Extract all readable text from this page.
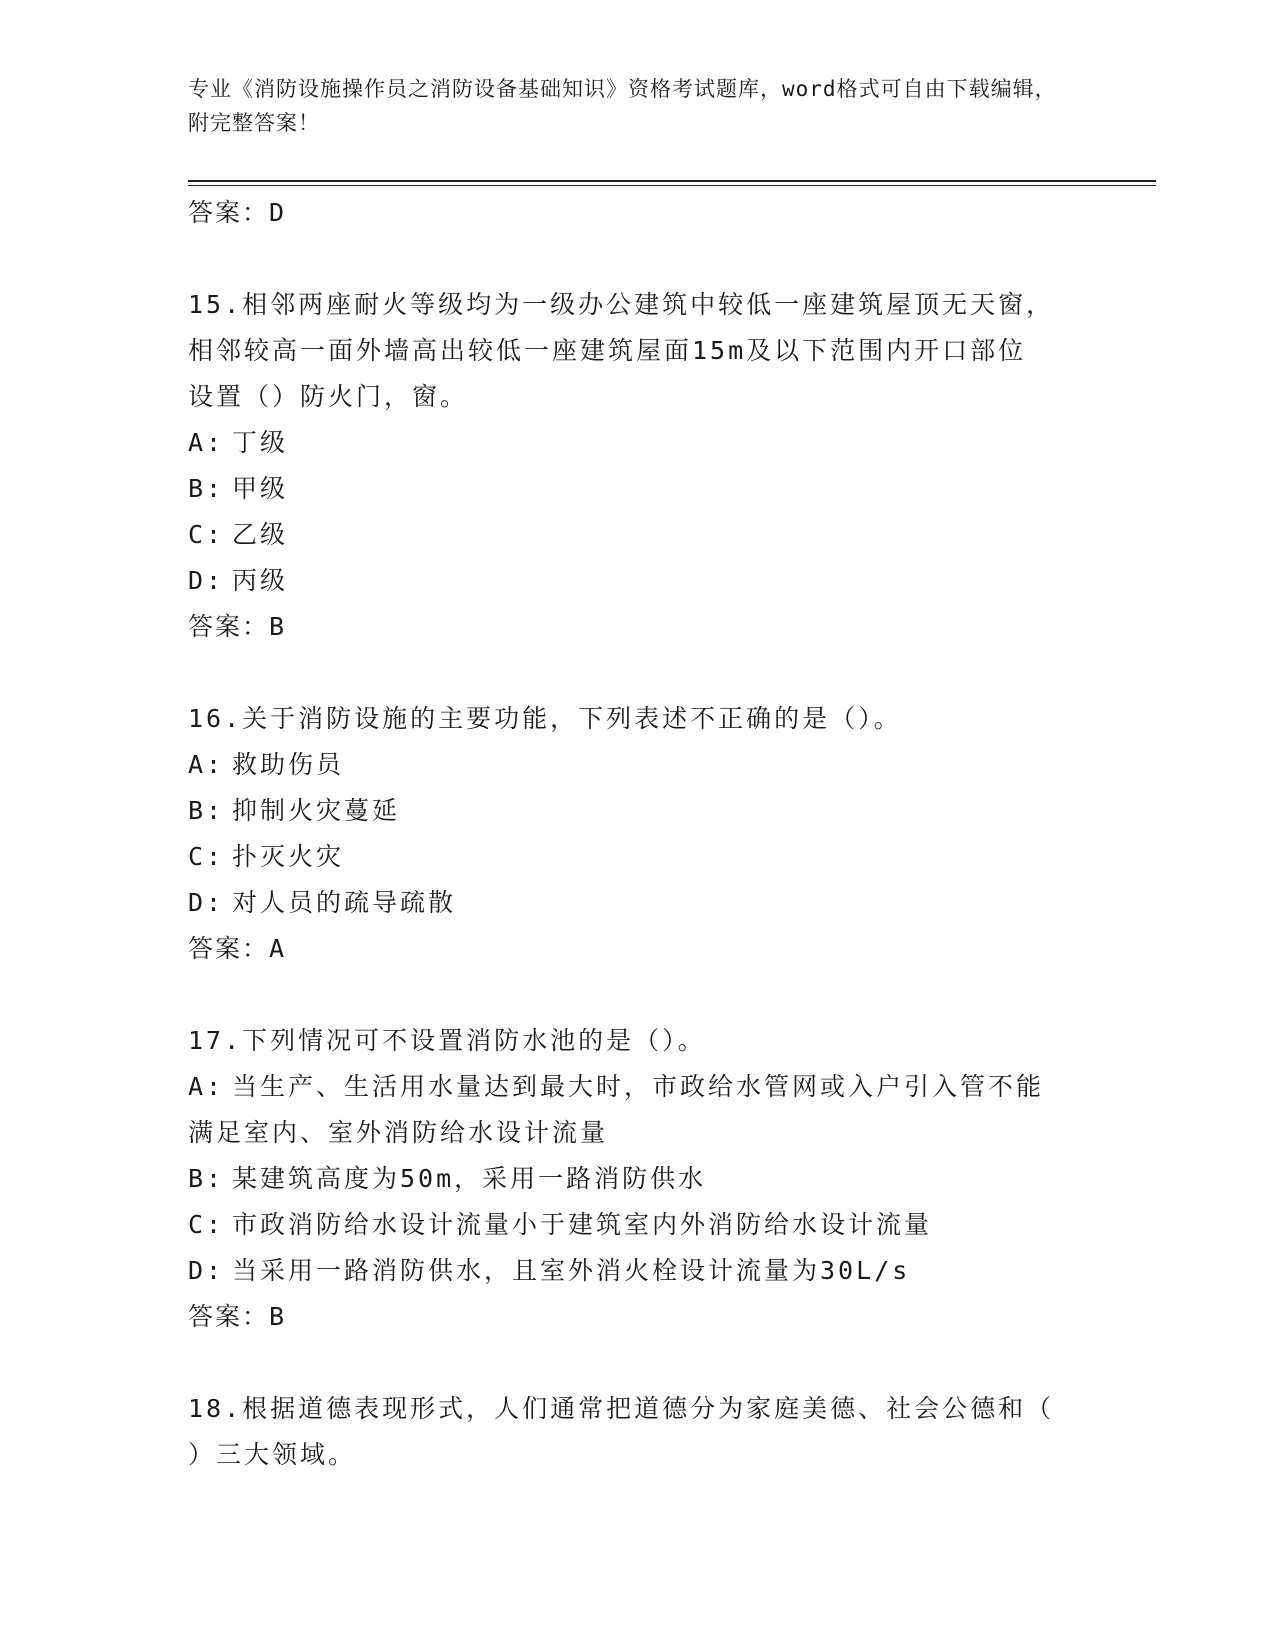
专业《消防设施操作员之消防设备基础知识》资格考试题库，word格式可自由下载编辑，附完整答案！
答案：D
15.相邻两座耐火等级均为一级办公建筑中较低一座建筑屋顶无天窗，
相邻较高一面外墙高出较低一座建筑屋面15m及以下范围内开口部位
设置（）防火门，窗。
A: 丁级
B: 甲级
C: 乙级
D: 丙级
答案：B
16.关于消防设施的主要功能，下列表述不正确的是（）。
A: 救助伤员
B: 抑制火灾蔓延
C: 扑灭火灾
D: 对人员的疏导疏散
答案：A
17.下列情况可不设置消防水池的是（）。
A: 当生产、生活用水量达到最大时，市政给水管网或入户引入管不能
满足室内、室外消防给水设计流量
B: 某建筑高度为50m，采用一路消防供水
C: 市政消防给水设计流量小于建筑室内外消防给水设计流量
D: 当采用一路消防供水，且室外消火栓设计流量为30L/s
答案：B
18.根据道德表现形式，人们通常把道德分为家庭美德、社会公德和（
）三大领域。
